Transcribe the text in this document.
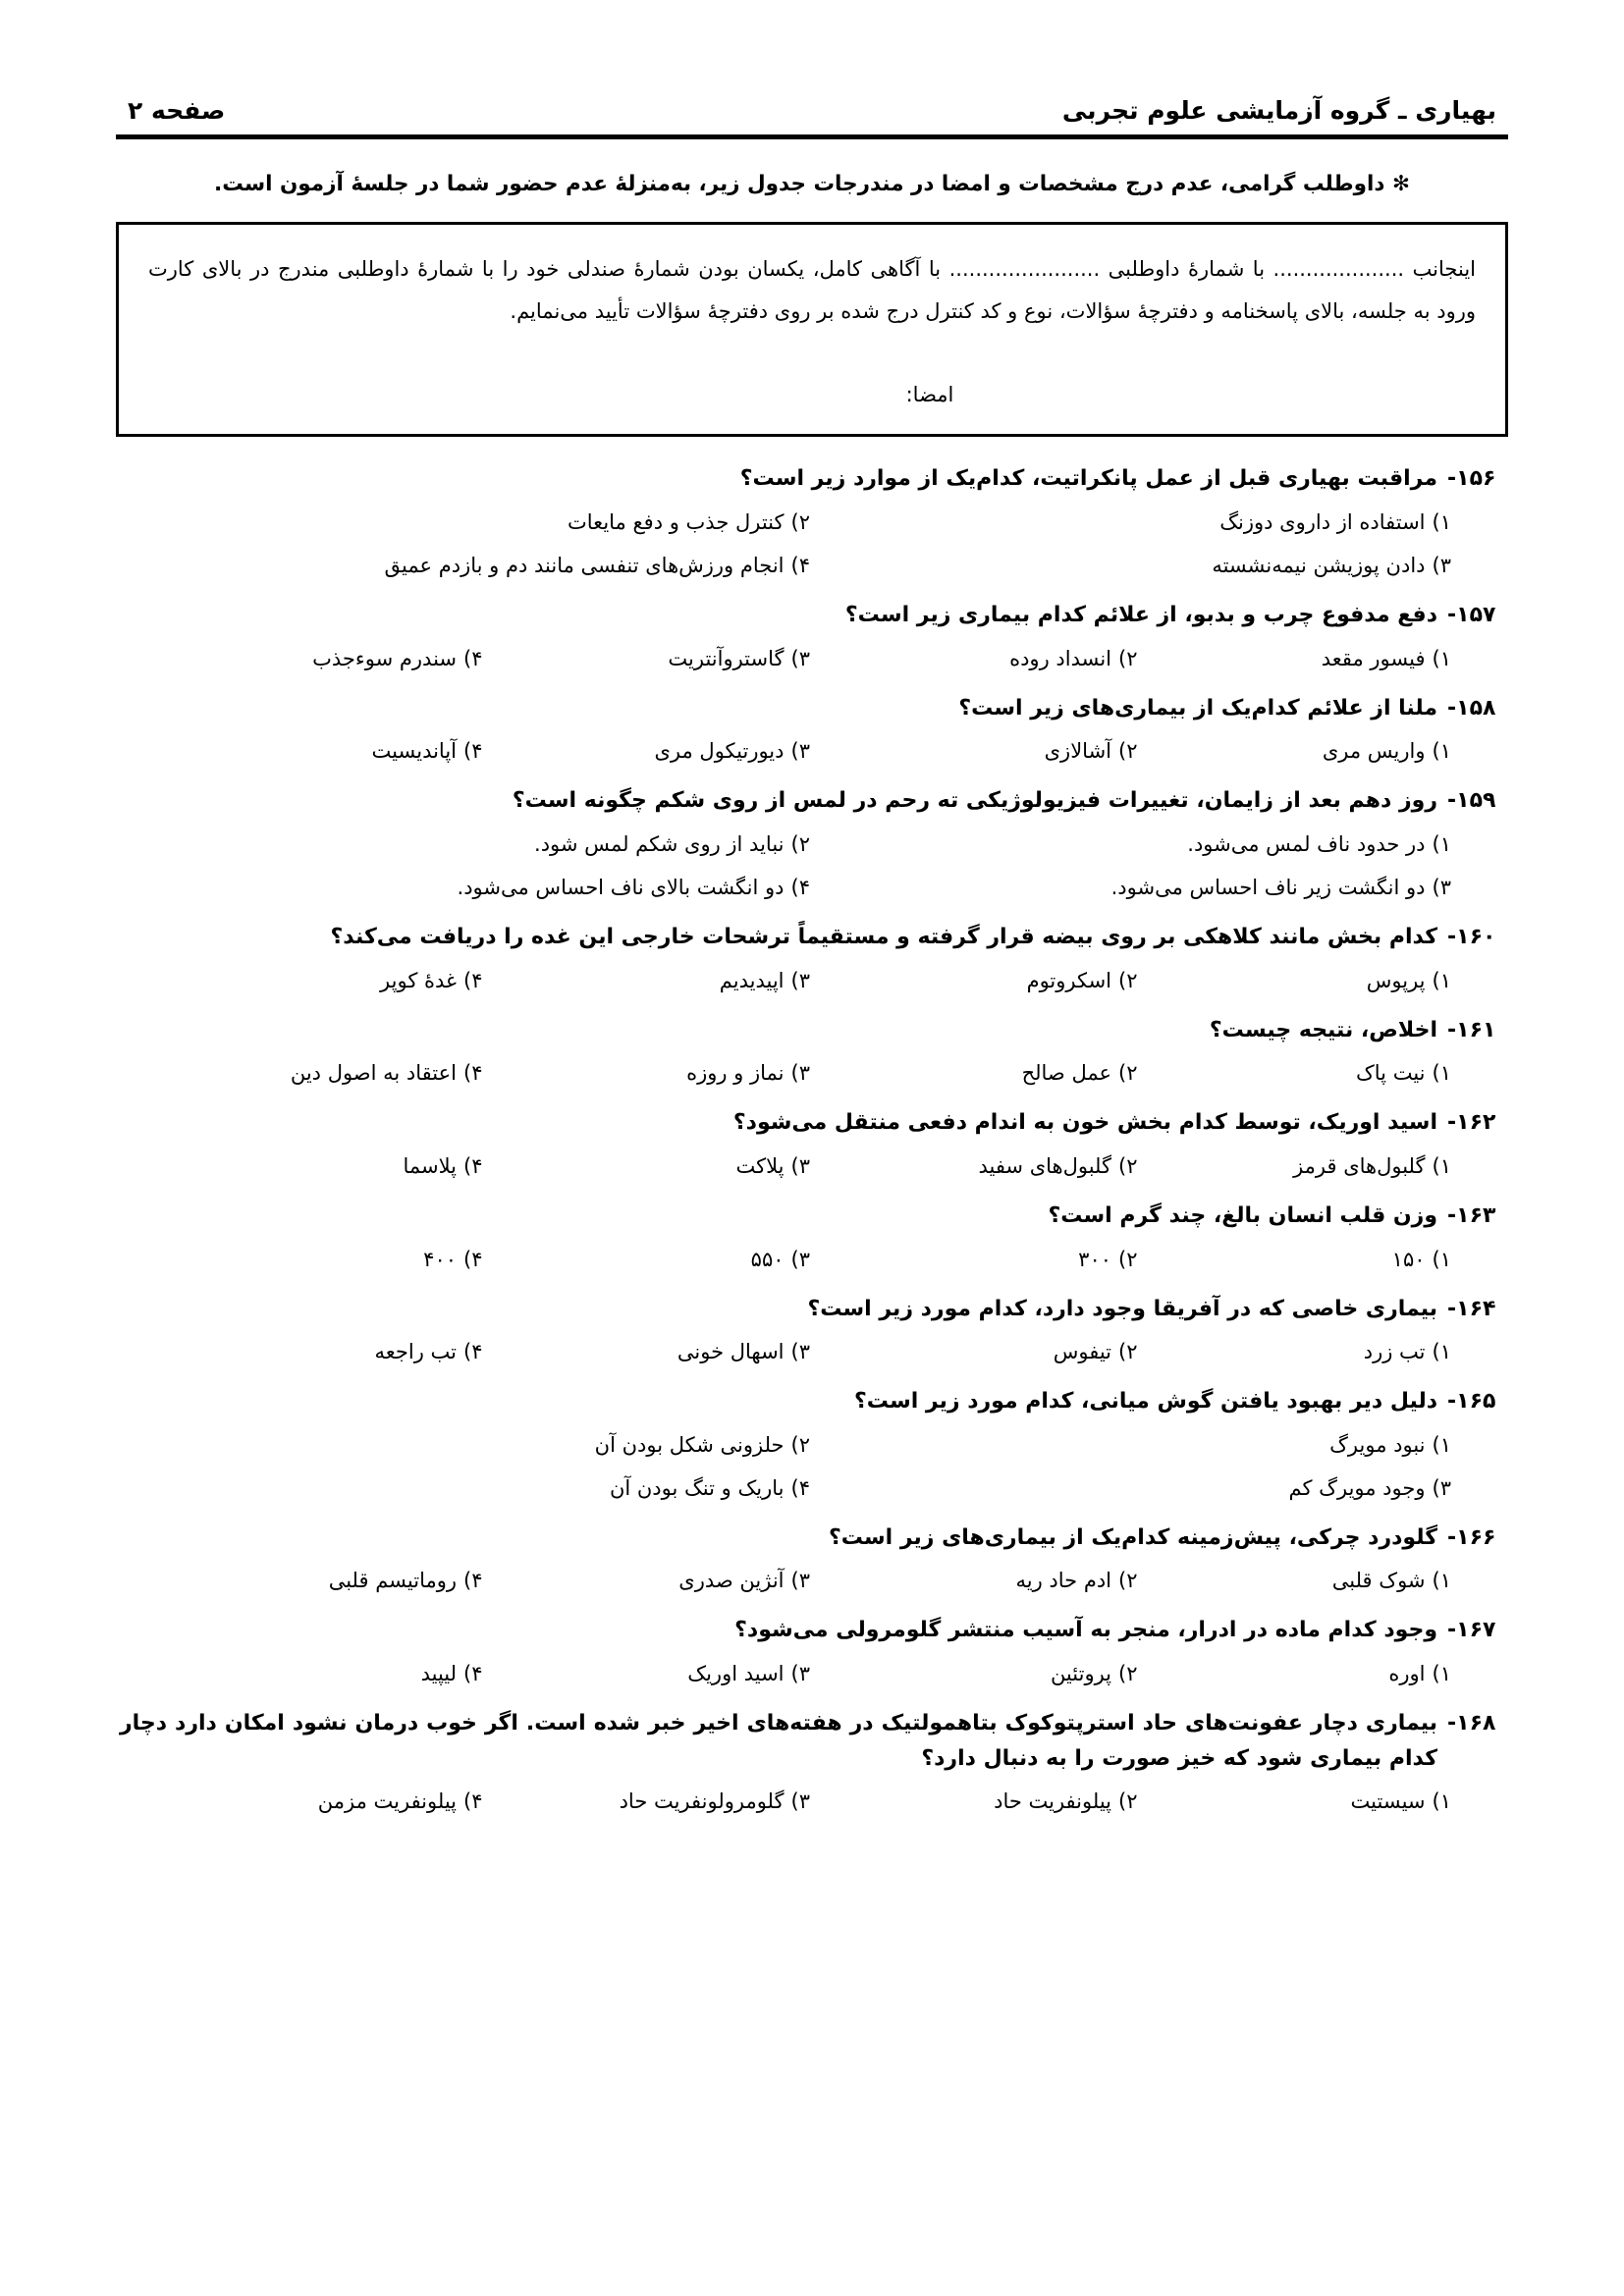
بهیاری ـ گروه آزمایشی علوم تجربی
صفحه ۲
✻ داوطلب گرامی، عدم درج مشخصات و امضا در مندرجات جدول زیر، به‌منزلهٔ عدم حضور شما در جلسهٔ آزمون است.

اینجانب .................... با شمارهٔ داوطلبی ....................... با آگاهی کامل، یکسان بودن شمارهٔ صندلی خود را با شمارهٔ داوطلبی مندرج در بالای کارت ورود به جلسه، بالای پاسخنامه و دفترچهٔ سؤالات، نوع و کد کنترل درج شده بر روی دفترچهٔ سؤالات تأیید می‌نمایم.

امضا:
۱۵۶-
مراقبت بهیاری قبل از عمل پانکراتیت، کدام‌یک از موارد زیر است؟
۱)استفاده از داروی دوزنگ
۲)کنترل جذب و دفع مایعات
۳)دادن پوزیشن نیمه‌نشسته
۴)انجام ورزش‌های تنفسی مانند دم و بازدم عمیق
۱۵۷-
دفع مدفوع چرب و بدبو، از علائم کدام بیماری زیر است؟
۱)فیسور مقعد
۲)انسداد روده
۳)گاستروآنتریت
۴)سندرم سوءجذب
۱۵۸-
ملنا از علائم کدام‌یک از بیماری‌های زیر است؟
۱)واریس مری
۲)آشالازی
۳)دیورتیکول مری
۴)آپاندیسیت
۱۵۹-
روز دهم بعد از زایمان، تغییرات فیزیولوژیکی ته رحم در لمس از روی شکم چگونه است؟
۱)در حدود ناف لمس می‌شود.
۲)نباید از روی شکم لمس شود.
۳)دو انگشت زیر ناف احساس می‌شود.
۴)دو انگشت بالای ناف احساس می‌شود.
۱۶۰-
کدام بخش مانند کلاهکی بر روی بیضه قرار گرفته و مستقیماً ترشحات خارجی این غده را دریافت می‌کند؟
۱)پرپوس
۲)اسکروتوم
۳)اپیدیدیم
۴)غدهٔ کوپر
۱۶۱-
اخلاص، نتیجه چیست؟
۱)نیت پاک
۲)عمل صالح
۳)نماز و روزه
۴)اعتقاد به اصول دین
۱۶۲-
اسید اوریک، توسط کدام بخش خون به اندام دفعی منتقل می‌شود؟
۱)گلبول‌های قرمز
۲)گلبول‌های سفید
۳)پلاکت
۴)پلاسما
۱۶۳-
وزن قلب انسان بالغ، چند گرم است؟
۱)۱۵۰
۲)۳۰۰
۳)۵۵۰
۴)۴۰۰
۱۶۴-
بیماری خاصی که در آفریقا وجود دارد، کدام مورد زیر است؟
۱)تب زرد
۲)تیفوس
۳)اسهال خونی
۴)تب راجعه
۱۶۵-
دلیل دیر بهبود یافتن گوش میانی، کدام مورد زیر است؟
۱)نبود مویرگ
۲)حلزونی شکل بودن آن
۳)وجود مویرگ کم
۴)باریک و تنگ بودن آن
۱۶۶-
گلودرد چرکی، پیش‌زمینه کدام‌یک از بیماری‌های زیر است؟
۱)شوک قلبی
۲)ادم حاد ریه
۳)آنژین صدری
۴)روماتیسم قلبی
۱۶۷-
وجود کدام ماده در ادرار، منجر به آسیب منتشر گلومرولی می‌شود؟
۱)اوره
۲)پروتئین
۳)اسید اوریک
۴)لیپید
۱۶۸-
بیماری دچار عفونت‌های حاد استرپتوکوک بتاهمولتیک در هفته‌های اخیر خبر شده است. اگر خوب درمان نشود امکان دارد دچار کدام بیماری شود که خیز صورت را به دنبال دارد؟
۱)سیستیت
۲)پیلونفریت حاد
۳)گلومرولونفریت حاد
۴)پیلونفریت مزمن
